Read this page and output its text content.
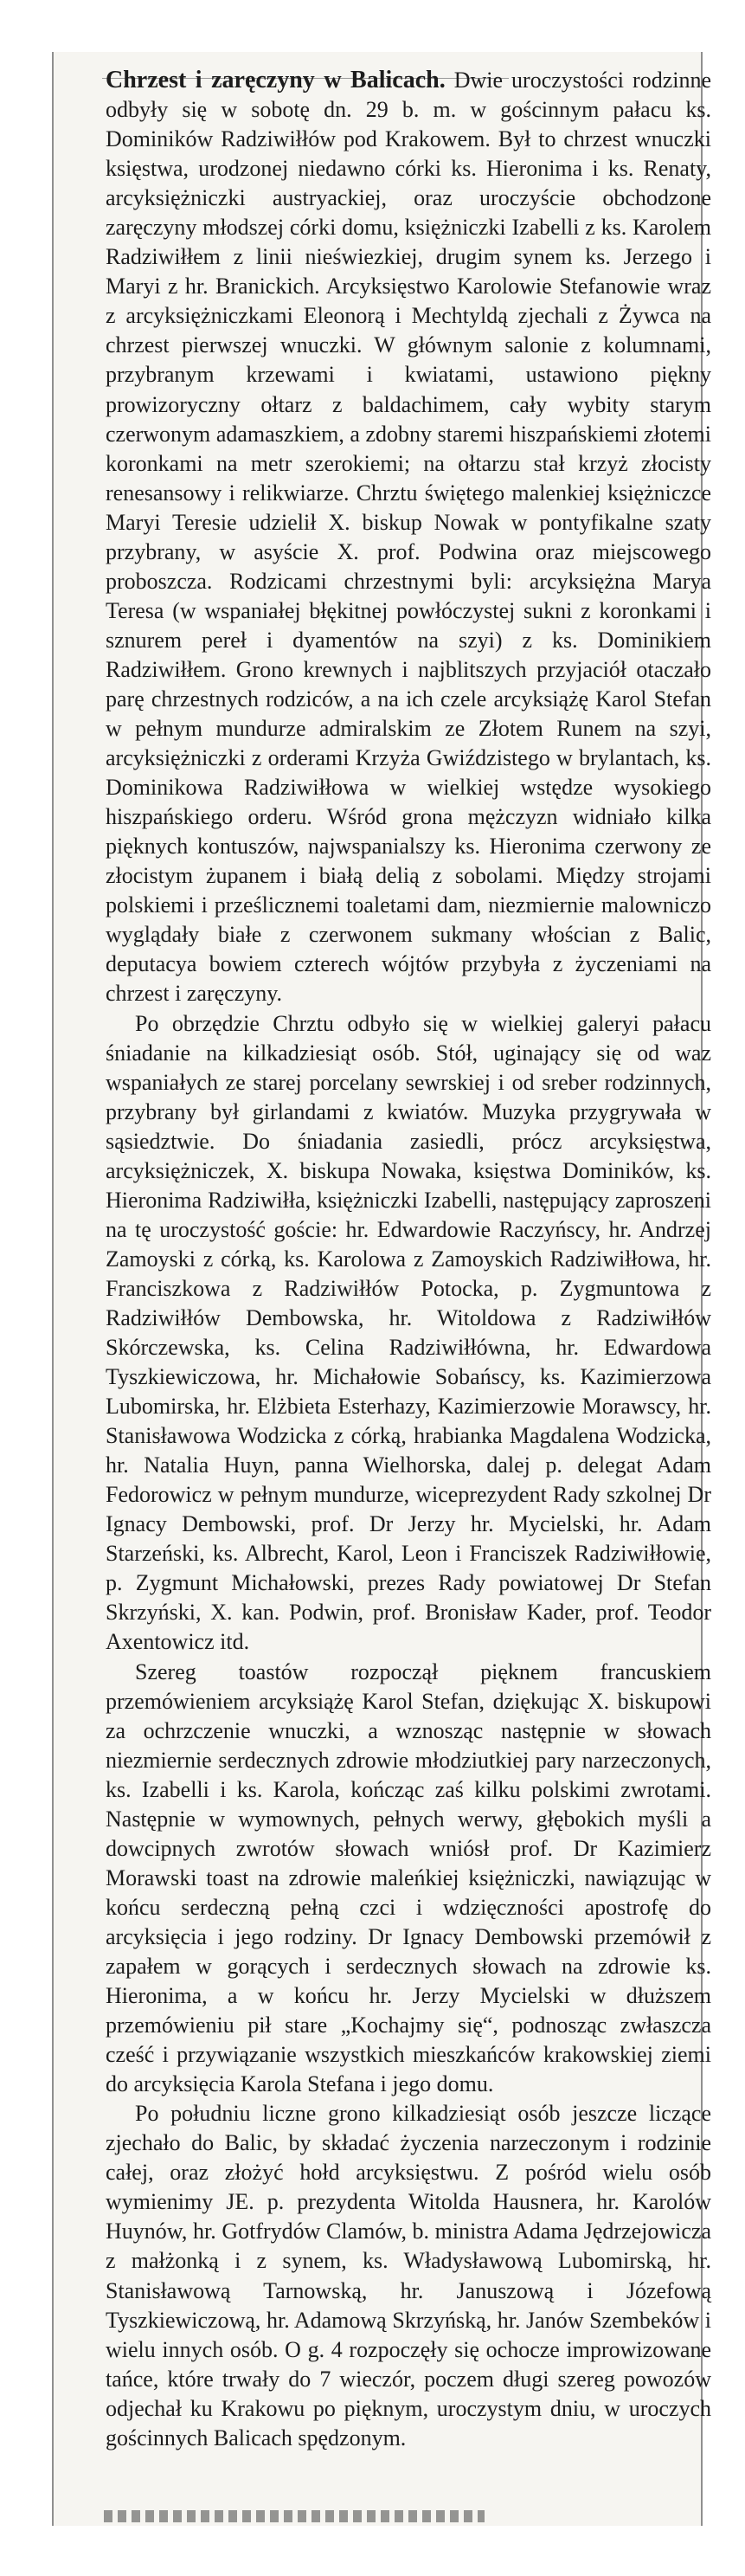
Chrzest i zaręczyny w Balicach. Dwie uroczystości rodzinne odbyły się w sobotę dn. 29 b. m. w gościnnym pałacu ks. Dominików Radziwiłłów pod Krakowem. Był to chrzest wnuczki księstwa, urodzonej niedawno córki ks. Hieronima i ks. Renaty, arcyksiężniczki austryackiej, oraz uroczyście obchodzone zaręczyny młodszej córki domu, księżniczki Izabelli z ks. Karolem Radziwiłłem z linii nieświezkiej, drugim synem ks. Jerzego i Maryi z hr. Branickich. Arcyksięstwo Karolowie Stefanowie wraz z arcyksiężniczkami Eleonorą i Mechtyldą zjechali z Żywca na chrzest pierwszej wnuczki. W głównym salonie z kolumnami, przybranym krzewami i kwiatami, ustawiono piękny prowizoryczny ołtarz z baldachimem, cały wybity starym czerwonym adamaszkiem, a zdobny staremi hiszpańskiemi złotemi koronkami na metr szerokiemi; na ołtarzu stał krzyż złocisty renesansowy i relikwiarze. Chrztu świętego malenkiej księżniczce Maryi Teresie udzielił X. biskup Nowak w pontyfikalne szaty przybrany, w asyście X. prof. Podwina oraz miejscowego proboszcza. Rodzicami chrzestnymi byli: arcyksiężna Marya Teresa (w wspaniałej błękitnej powłóczystej sukni z koronkami i sznurem pereł i dyamentów na szyi) z ks. Dominikiem Radziwiłłem. Grono krewnych i najblitszych przyjaciół otaczało parę chrzestnych rodziców, a na ich czele arcyksiążę Karol Stefan w pełnym mundurze admiralskim ze Złotem Runem na szyi, arcyksiężniczki z orderami Krzyża Gwiździstego w brylantach, ks. Dominikowa Radziwiłłowa w wielkiej wstędze wysokiego hiszpańskiego orderu. Wśród grona mężczyzn widniało kilka pięknych kontuszów, najwspanialszy ks. Hieronima czerwony ze złocistym żupanem i białą delią z sobolami. Między strojami polskiemi i prześlicznemi toaletami dam, niezmiernie malowniczo wyglądały białe z czerwonem sukmany włościan z Balic, deputacya bowiem czterech wójtów przybyła z życzeniami na chrzest i zaręczyny.

Po obrzędzie Chrztu odbyło się w wielkiej galeryi pałacu śniadanie na kilkadziesiąt osób. Stół, uginający się od waz wspaniałych ze starej porcelany sewrskiej i od sreber rodzinnych, przybrany był girlandami z kwiatów. Muzyka przygrywała w sąsiedztwie. Do śniadania zasiedli, prócz arcyksięstwa, arcyksiężniczek, X. biskupa Nowaka, księstwa Dominików, ks. Hieronima Radziwiłła, księżniczki Izabelli, następujący zaproszeni na tę uroczystość goście: hr. Edwardowie Raczyńscy, hr. Andrzej Zamoyski z córką, ks. Karolowa z Zamoyskich Radziwiłłowa, hr. Franciszkowa z Radziwiłłów Potocka, p. Zygmuntowa z Radziwiłłów Dembowska, hr. Witoldowa z Radziwiłłów Skórczewska, ks. Celina Radziwiłłówna, hr. Edwardowa Tyszkiewiczowa, hr. Michałowie Sobańscy, ks. Kazimierzowa Lubomirska, hr. Elżbieta Esterhazy, Kazimierzowie Morawscy, hr. Stanisławowa Wodzicka z córką, hrabianka Magdalena Wodzicka, hr. Natalia Huyn, panna Wielhorska, dalej p. delegat Adam Fedorowicz w pełnym mundurze, wiceprezydent Rady szkolnej Dr Ignacy Dembowski, prof. Dr Jerzy hr. Mycielski, hr. Adam Starzeński, ks. Albrecht, Karol, Leon i Franciszek Radziwiłłowie, p. Zygmunt Michałowski, prezes Rady powiatowej Dr Stefan Skrzyński, X. kan. Podwin, prof. Bronisław Kader, prof. Teodor Axentowicz itd.

Szereg toastów rozpoczął pięknem francuskiem przemówieniem arcyksiążę Karol Stefan, dziękując X. biskupowi za ochrzczenie wnuczki, a wznosząc następnie w słowach niezmiernie serdecznych zdrowie młodziutkiej pary narzeczonych, ks. Izabelli i ks. Karola, kończąc zaś kilku polskimi zwrotami. Następnie w wymownych, pełnych werwy, głębokich myśli a dowcipnych zwrotów słowach wniósł prof. Dr Kazimierz Morawski toast na zdrowie maleńkiej księżniczki, nawiązując w końcu serdeczną pełną czci i wdzięczności apostrofę do arcyksięcia i jego rodziny. Dr Ignacy Dembowski przemówił z zapałem w gorących i serdecznych słowach na zdrowie ks. Hieronima, a w końcu hr. Jerzy Mycielski w dłuższem przemówieniu pił stare „Kochajmy się“, podnosząc zwłaszcza cześć i przywiązanie wszystkich mieszkańców krakowskiej ziemi do arcyksięcia Karola Stefana i jego domu.

Po południu liczne grono kilkadziesiąt osób jeszcze liczące zjechało do Balic, by składać życzenia narzeczonym i rodzinie całej, oraz złożyć hołd arcyksięstwu. Z pośród wielu osób wymienimy JE. p. prezydenta Witolda Hausnera, hr. Karolów Huynów, hr. Gotfrydów Clamów, b. ministra Adama Jędrzejowicza z małżonką i z synem, ks. Władysławową Lubomirską, hr. Stanisławową Tarnowską, hr. Januszową i Józefową Tyszkiewiczową, hr. Adamową Skrzyńską, hr. Janów Szembeków i wielu innych osób. O g. 4 rozpoczęły się ochocze improwizowane tańce, które trwały do 7 wieczór, poczem długi szereg powozów odjechał ku Krakowu po pięknym, uroczystym dniu, w uroczych gościnnych Balicach spędzonym.
